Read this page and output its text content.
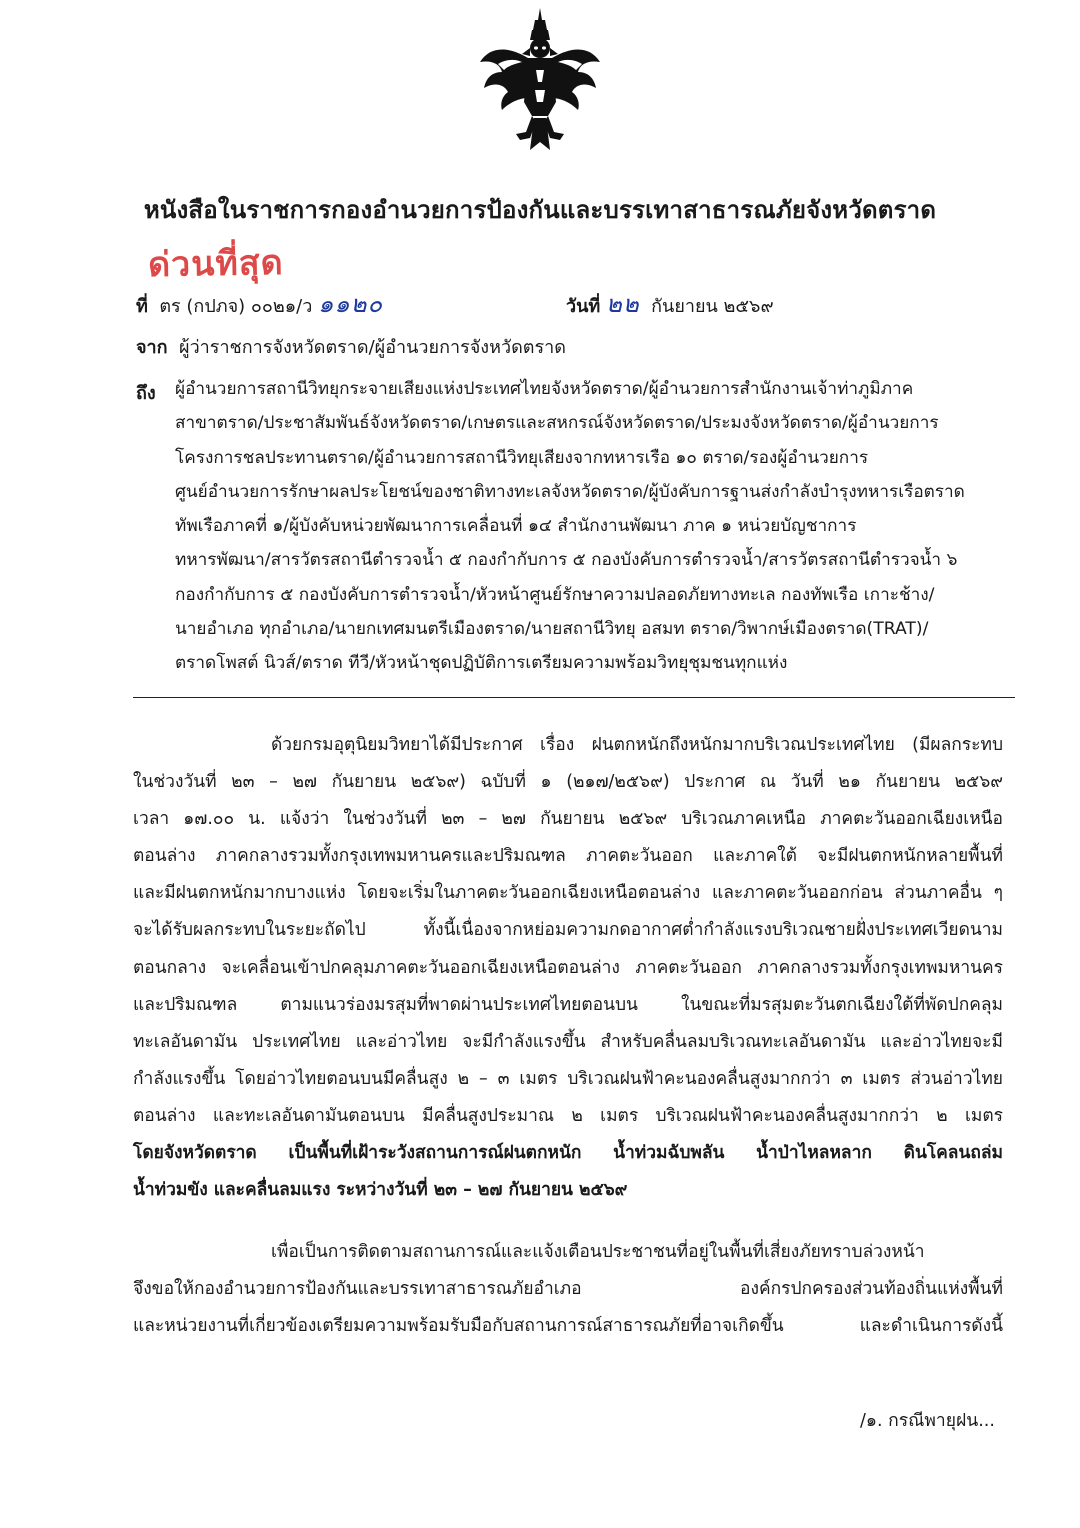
หนังสือในราชการกองอำนวยการป้องกันและบรรเทาสาธารณภัยจังหวัดตราด
ด่วนที่สุด
ที่ ตร (กปภจ) ๐๐๒๑/ว ๑๑๒๐	วันที่ ๒๒ กันยายน ๒๕๖๙
จาก ผู้ว่าราชการจังหวัดตราด/ผู้อำนวยการจังหวัดตราด
ถึง ผู้อำนวยการสถานีวิทยุกระจายเสียงแห่งประเทศไทยจังหวัดตราด/ผู้อำนวยการสำนักงานเจ้าท่าภูมิภาค
สาขาตราด/ประชาสัมพันธ์จังหวัดตราด/เกษตรและสหกรณ์จังหวัดตราด/ประมงจังหวัดตราด/ผู้อำนวยการ
โครงการชลประทานตราด/ผู้อำนวยการสถานีวิทยุเสียงจากทหารเรือ ๑๐ ตราด/รองผู้อำนวยการ
ศูนย์อำนวยการรักษาผลประโยชน์ของชาติทางทะเลจังหวัดตราด/ผู้บังคับการฐานส่งกำลังบำรุงทหารเรือตราด
ทัพเรือภาคที่ ๑/ผู้บังคับหน่วยพัฒนาการเคลื่อนที่ ๑๔ สำนักงานพัฒนา ภาค ๑ หน่วยบัญชาการ
ทหารพัฒนา/สารวัตรสถานีตำรวจน้ำ ๕ กองกำกับการ ๕ กองบังคับการตำรวจน้ำ/สารวัตรสถานีตำรวจน้ำ ๖
กองกำกับการ ๕ กองบังคับการตำรวจน้ำ/หัวหน้าศูนย์รักษาความปลอดภัยทางทะเล กองทัพเรือ เกาะช้าง/
นายอำเภอ ทุกอำเภอ/นายกเทศมนตรีเมืองตราด/นายสถานีวิทยุ อสมท ตราด/วิพากษ์เมืองตราด(TRAT)/
ตราดโพสต์ นิวส์/ตราด ทีวี/หัวหน้าชุดปฏิบัติการเตรียมความพร้อมวิทยุชุมชนทุกแห่ง
ด้วยกรมอุตุนิยมวิทยาได้มีประกาศ เรื่อง ฝนตกหนักถึงหนักมากบริเวณประเทศไทย (มีผลกระทบ
ในช่วงวันที่ ๒๓ – ๒๗ กันยายน ๒๕๖๙) ฉบับที่ ๑ (๒๑๗/๒๕๖๙) ประกาศ ณ วันที่ ๒๑ กันยายน ๒๕๖๙
เวลา ๑๗.๐๐ น. แจ้งว่า ในช่วงวันที่ ๒๓ – ๒๗ กันยายน ๒๕๖๙ บริเวณภาคเหนือ ภาคตะวันออกเฉียงเหนือ
ตอนล่าง ภาคกลางรวมทั้งกรุงเทพมหานครและปริมณฑล ภาคตะวันออก และภาคใต้ จะมีฝนตกหนักหลายพื้นที่
และมีฝนตกหนักมากบางแห่ง โดยจะเริ่มในภาคตะวันออกเฉียงเหนือตอนล่าง และภาคตะวันออกก่อน ส่วนภาคอื่น ๆ
จะได้รับผลกระทบในระยะถัดไป ทั้งนี้เนื่องจากหย่อมความกดอากาศต่ำกำลังแรงบริเวณชายฝั่งประเทศเวียดนาม
ตอนกลาง จะเคลื่อนเข้าปกคลุมภาคตะวันออกเฉียงเหนือตอนล่าง ภาคตะวันออก ภาคกลางรวมทั้งกรุงเทพมหานคร
และปริมณฑล ตามแนวร่องมรสุมที่พาดผ่านประเทศไทยตอนบน ในขณะที่มรสุมตะวันตกเฉียงใต้ที่พัดปกคลุม
ทะเลอันดามัน ประเทศไทย และอ่าวไทย จะมีกำลังแรงขึ้น สำหรับคลื่นลมบริเวณทะเลอันดามัน และอ่าวไทยจะมี
กำลังแรงขึ้น โดยอ่าวไทยตอนบนมีคลื่นสูง ๒ – ๓ เมตร บริเวณฝนฟ้าคะนองคลื่นสูงมากกว่า ๓ เมตร ส่วนอ่าวไทย
ตอนล่าง และทะเลอันดามันตอนบน มีคลื่นสูงประมาณ ๒ เมตร บริเวณฝนฟ้าคะนองคลื่นสูงมากกว่า ๒ เมตร
โดยจังหวัดตราด เป็นพื้นที่เฝ้าระวังสถานการณ์ฝนตกหนัก น้ำท่วมฉับพลัน น้ำป่าไหลหลาก ดินโคลนถล่ม
น้ำท่วมขัง และคลื่นลมแรง ระหว่างวันที่ ๒๓ – ๒๗ กันยายน ๒๕๖๙
เพื่อเป็นการติดตามสถานการณ์และแจ้งเตือนประชาชนที่อยู่ในพื้นที่เสี่ยงภัยทราบล่วงหน้า
จึงขอให้กองอำนวยการป้องกันและบรรเทาสาธารณภัยอำเภอ องค์กรปกครองส่วนท้องถิ่นแห่งพื้นที่
และหน่วยงานที่เกี่ยวข้องเตรียมความพร้อมรับมือกับสถานการณ์สาธารณภัยที่อาจเกิดขึ้น และดำเนินการดังนี้
/๑. กรณีพายุฝน...
